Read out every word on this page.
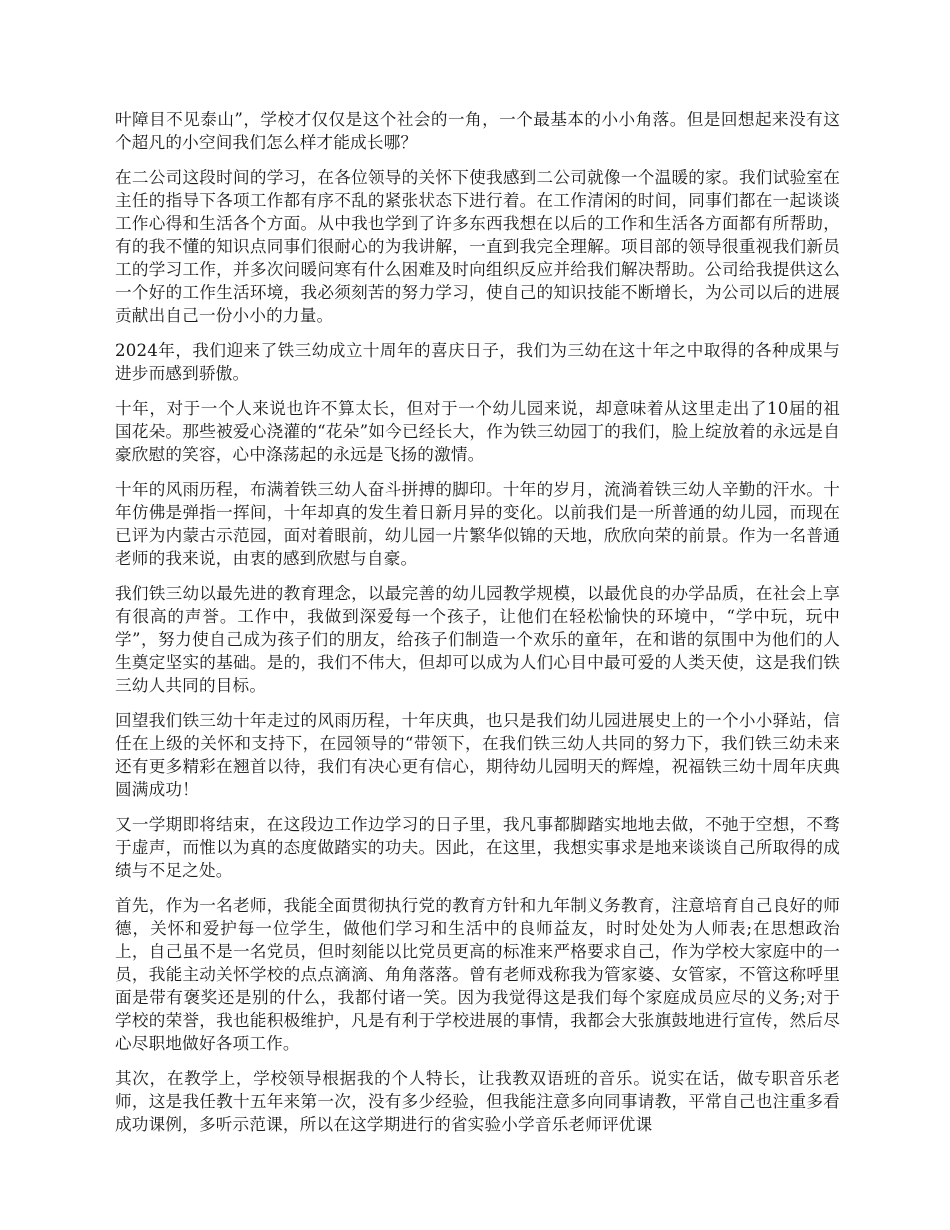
叶障目不见泰山”，学校才仅仅是这个社会的一角，一个最基本的小小角落。但是回想起来没有这个超凡的小空间我们怎么样才能成长哪？

在二公司这段时间的学习，在各位领导的关怀下使我感到二公司就像一个温暖的家。我们试验室在主任的指导下各项工作都有序不乱的紧张状态下进行着。在工作清闲的时间，同事们都在一起谈谈工作心得和生活各个方面。从中我也学到了许多东西我想在以后的工作和生活各方面都有所帮助，有的我不懂的知识点同事们很耐心的为我讲解，一直到我完全理解。项目部的领导很重视我们新员工的学习工作，并多次问暖问寒有什么困难及时向组织反应并给我们解决帮助。公司给我提供这么一个好的工作生活环境，我必须刻苦的努力学习，使自己的知识技能不断增长，为公司以后的进展贡献出自己一份小小的力量。

2024年，我们迎来了铁三幼成立十周年的喜庆日子，我们为三幼在这十年之中取得的各种成果与进步而感到骄傲。

十年，对于一个人来说也许不算太长，但对于一个幼儿园来说，却意味着从这里走出了10届的祖国花朵。那些被爱心浇灌的“花朵”如今已经长大，作为铁三幼园丁的我们，脸上绽放着的永远是自豪欣慰的笑容，心中涤荡起的永远是飞扬的激情。

十年的风雨历程，布满着铁三幼人奋斗拼搏的脚印。十年的岁月，流淌着铁三幼人辛勤的汗水。十年仿佛是弹指一挥间，十年却真的发生着日新月异的变化。以前我们是一所普通的幼儿园，而现在已评为内蒙古示范园，面对着眼前，幼儿园一片繁华似锦的天地，欣欣向荣的前景。作为一名普通老师的我来说，由衷的感到欣慰与自豪。

我们铁三幼以最先进的教育理念，以最完善的幼儿园教学规模，以最优良的办学品质，在社会上享有很高的声誉。工作中，我做到深爱每一个孩子，让他们在轻松愉快的环境中，“学中玩，玩中学”，努力使自己成为孩子们的朋友，给孩子们制造一个欢乐的童年，在和谐的氛围中为他们的人生奠定坚实的基础。是的，我们不伟大，但却可以成为人们心目中最可爱的人类天使，这是我们铁三幼人共同的目标。

回望我们铁三幼十年走过的风雨历程，十年庆典，也只是我们幼儿园进展史上的一个小小驿站，信任在上级的关怀和支持下，在园领导的“带领下，在我们铁三幼人共同的努力下，我们铁三幼未来还有更多精彩在翘首以待，我们有决心更有信心，期待幼儿园明天的辉煌，祝福铁三幼十周年庆典圆满成功！

又一学期即将结束，在这段边工作边学习的日子里，我凡事都脚踏实地地去做，不弛于空想，不骛于虚声，而惟以为真的态度做踏实的功夫。因此，在这里，我想实事求是地来谈谈自己所取得的成绩与不足之处。

首先，作为一名老师，我能全面贯彻执行党的教育方针和九年制义务教育，注意培育自己良好的师德，关怀和爱护每一位学生，做他们学习和生活中的良师益友，时时处处为人师表;在思想政治上，自己虽不是一名党员，但时刻能以比党员更高的标准来严格要求自己，作为学校大家庭中的一员，我能主动关怀学校的点点滴滴、角角落落。曾有老师戏称我为管家婆、女管家，不管这称呼里面是带有褒奖还是别的什么，我都付诸一笑。因为我觉得这是我们每个家庭成员应尽的义务;对于学校的荣誉，我也能积极维护，凡是有利于学校进展的事情，我都会大张旗鼓地进行宣传，然后尽心尽职地做好各项工作。

其次，在教学上，学校领导根据我的个人特长，让我教双语班的音乐。说实在话，做专职音乐老师，这是我任教十五年来第一次，没有多少经验，但我能注意多向同事请教，平常自己也注重多看成功课例，多听示范课，所以在这学期进行的省实验小学音乐老师评优课
